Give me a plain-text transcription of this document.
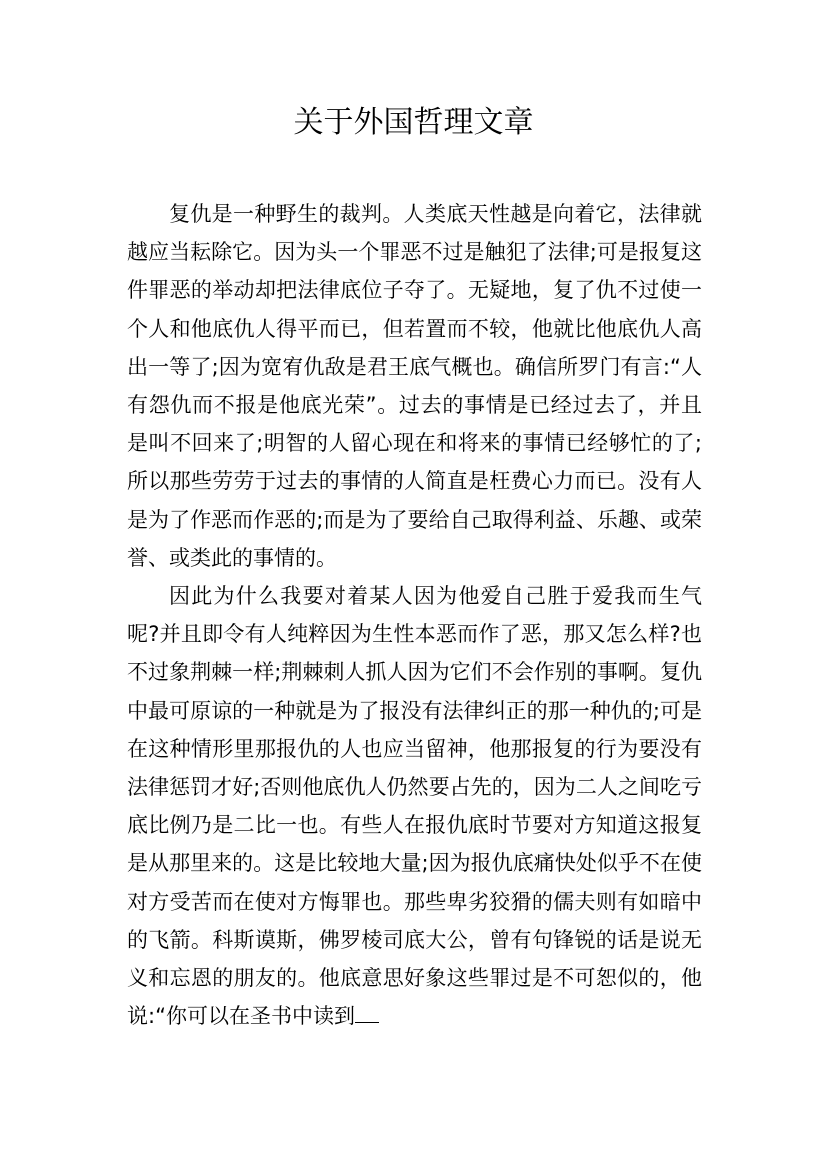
关于外国哲理文章

复仇是一种野生的裁判。人类底天性越是向着它，法律就越应当耘除它。因为头一个罪恶不过是触犯了法律;可是报复这件罪恶的举动却把法律底位子夺了。无疑地，复了仇不过使一个人和他底仇人得平而已，但若置而不较，他就比他底仇人高出一等了;因为宽宥仇敌是君王底气概也。确信所罗门有言:“人有怨仇而不报是他底光荣”。过去的事情是已经过去了，并且是叫不回来了;明智的人留心现在和将来的事情已经够忙的了;所以那些劳劳于过去的事情的人简直是枉费心力而已。没有人是为了作恶而作恶的;而是为了要给自己取得利益、乐趣、或荣誉、或类此的事情的。

因此为什么我要对着某人因为他爱自己胜于爱我而生气呢?并且即令有人纯粹因为生性本恶而作了恶，那又怎么样?也不过象荆棘一样;荆棘刺人抓人因为它们不会作别的事啊。复仇中最可原谅的一种就是为了报没有法律纠正的那一种仇的;可是在这种情形里那报仇的人也应当留神，他那报复的行为要没有法律惩罚才好;否则他底仇人仍然要占先的，因为二人之间吃亏底比例乃是二比一也。有些人在报仇底时节要对方知道这报复是从那里来的。这是比较地大量;因为报仇底痛快处似乎不在使对方受苦而在使对方悔罪也。那些卑劣狡猾的儒夫则有如暗中的飞箭。科斯谟斯，佛罗棱司底大公，曾有句锋锐的话是说无义和忘恩的朋友的。他底意思好象这些罪过是不可恕似的，他说:“你可以在圣书中读到
